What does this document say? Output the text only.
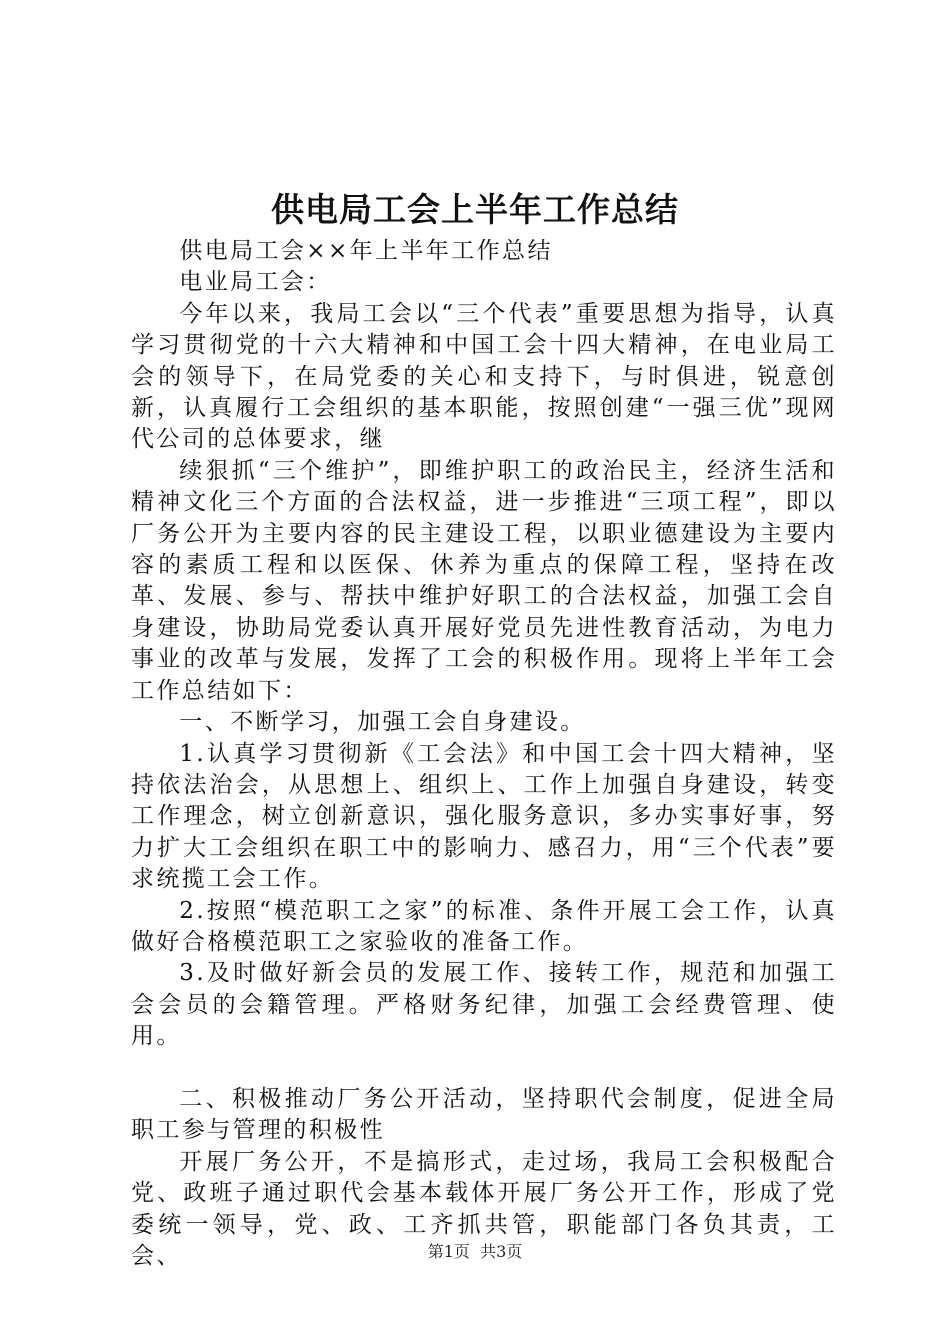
供电局工会上半年工作总结

供电局工会××年上半年工作总结

电业局工会：

今年以来，我局工会以“三个代表”重要思想为指导，认真学习贯彻党的十六大精神和中国工会十四大精神，在电业局工会的领导下，在局党委的关心和支持下，与时俱进，锐意创新，认真履行工会组织的基本职能，按照创建“一强三优”现网代公司的总体要求，继

续狠抓“三个维护”，即维护职工的政治民主，经济生活和精神文化三个方面的合法权益，进一步推进“三项工程”，即以厂务公开为主要内容的民主建设工程，以职业德建设为主要内容的素质工程和以医保、休养为重点的保障工程，坚持在改革、发展、参与、帮扶中维护好职工的合法权益，加强工会自身建设，协助局党委认真开展好党员先进性教育活动，为电力事业的改革与发展，发挥了工会的积极作用。现将上半年工会工作总结如下：

一、不断学习，加强工会自身建设。

1.认真学习贯彻新《工会法》和中国工会十四大精神，坚持依法治会，从思想上、组织上、工作上加强自身建设，转变工作理念，树立创新意识，强化服务意识，多办实事好事，努力扩大工会组织在职工中的影响力、感召力，用“三个代表”要求统揽工会工作。

2.按照“模范职工之家”的标准、条件开展工会工作，认真做好合格模范职工之家验收的准备工作。

3.及时做好新会员的发展工作、接转工作，规范和加强工会会员的会籍管理。严格财务纪律，加强工会经费管理、使用。

二、积极推动厂务公开活动，坚持职代会制度，促进全局职工参与管理的积极性

开展厂务公开，不是搞形式，走过场，我局工会积极配合党、政班子通过职代会基本载体开展厂务公开工作，形成了党委统一领导，党、政、工齐抓共管，职能部门各负其责，工会、	第1页 共3页
